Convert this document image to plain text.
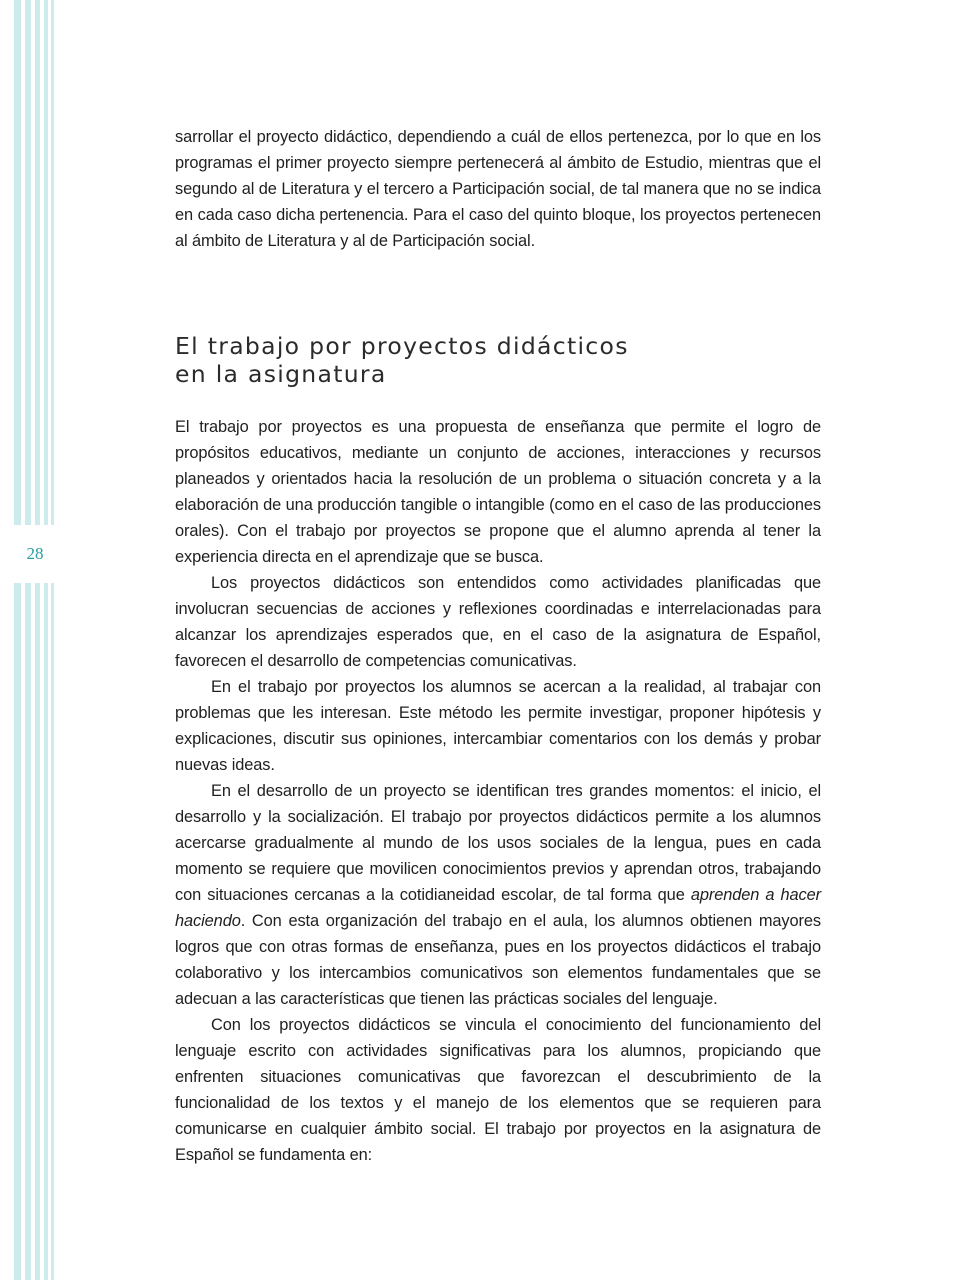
28

sarrollar el proyecto didáctico, dependiendo a cuál de ellos pertenezca, por lo que en los programas el primer proyecto siempre pertenecerá al ámbito de Estudio, mientras que el segundo al de Literatura y el tercero a Participación social, de tal manera que no se indica en cada caso dicha pertenencia. Para el caso del quinto bloque, los proyectos pertenecen al ámbito de Literatura y al de Participación social.

El trabajo por proyectos didácticos
en la asignatura

El trabajo por proyectos es una propuesta de enseñanza que permite el logro de propósitos educativos, mediante un conjunto de acciones, interacciones y recursos planeados y orientados hacia la resolución de un problema o situación concreta y a la elaboración de una producción tangible o intangible (como en el caso de las producciones orales). Con el trabajo por proyectos se propone que el alumno aprenda al tener la experiencia directa en el aprendizaje que se busca.

Los proyectos didácticos son entendidos como actividades planificadas que involucran secuencias de acciones y reflexiones coordinadas e interrelacionadas para alcanzar los aprendizajes esperados que, en el caso de la asignatura de Español, favorecen el desarrollo de competencias comunicativas.

En el trabajo por proyectos los alumnos se acercan a la realidad, al trabajar con problemas que les interesan. Este método les permite investigar, proponer hipótesis y explicaciones, discutir sus opiniones, intercambiar comentarios con los demás y probar nuevas ideas.

En el desarrollo de un proyecto se identifican tres grandes momentos: el inicio, el desarrollo y la socialización. El trabajo por proyectos didácticos permite a los alumnos acercarse gradualmente al mundo de los usos sociales de la lengua, pues en cada momento se requiere que movilicen conocimientos previos y aprendan otros, trabajando con situaciones cercanas a la cotidianeidad escolar, de tal forma que aprenden a hacer haciendo. Con esta organización del trabajo en el aula, los alumnos obtienen mayores logros que con otras formas de enseñanza, pues en los proyectos didácticos el trabajo colaborativo y los intercambios comunicativos son elementos fundamentales que se adecuan a las características que tienen las prácticas sociales del lenguaje.

Con los proyectos didácticos se vincula el conocimiento del funcionamiento del lenguaje escrito con actividades significativas para los alumnos, propiciando que enfrenten situaciones comunicativas que favorezcan el descubrimiento de la funcionalidad de los textos y el manejo de los elementos que se requieren para comunicarse en cualquier ámbito social. El trabajo por proyectos en la asignatura de Español se fundamenta en:
